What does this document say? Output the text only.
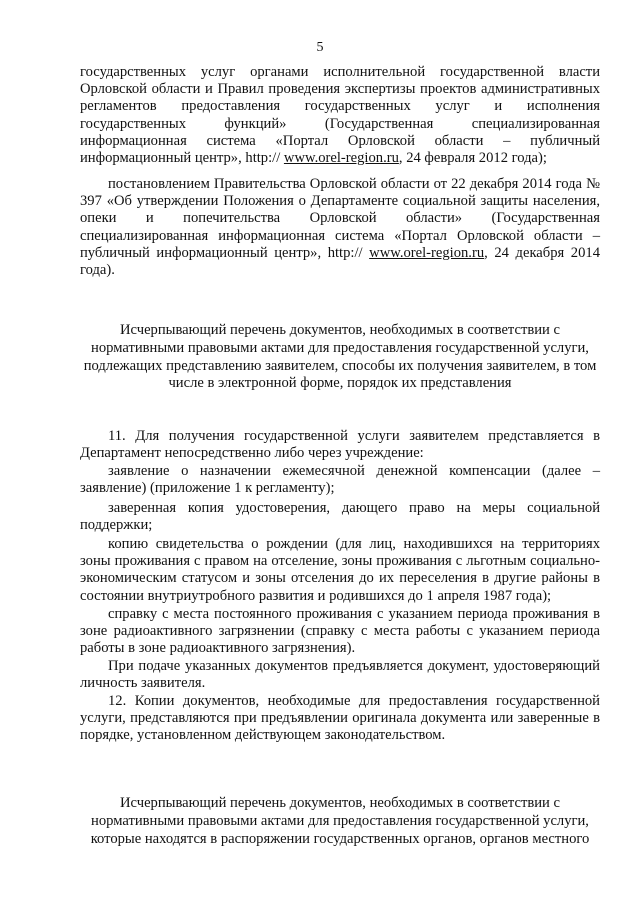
5

государственных услуг органами исполнительной государственной власти Орловской области и Правил проведения экспертизы проектов административных регламентов предоставления государственных услуг и исполнения государственных функций» (Государственная специализированная информационная система «Портал Орловской области – публичный информационный центр», http:// www.orel-region.ru, 24 февраля 2012 года);

постановлением Правительства Орловской области от 22 декабря 2014 года № 397 «Об утверждении Положения о Департаменте социальной защиты населения, опеки и попечительства Орловской области» (Государственная специализированная информационная система «Портал Орловской области – публичный информационный центр», http:// www.orel-region.ru, 24 декабря 2014 года).

Исчерпывающий перечень документов, необходимых в соответствии с нормативными правовыми актами для предоставления государственной услуги, подлежащих представлению заявителем, способы их получения заявителем, в том числе в электронной форме, порядок их представления

11. Для получения государственной услуги заявителем представляется в Департамент непосредственно либо через учреждение:

заявление о назначении ежемесячной денежной компенсации (далее – заявление) (приложение 1 к регламенту);

заверенная копия удостоверения, дающего право на меры социальной поддержки;

копию свидетельства о рождении (для лиц, находившихся на территориях зоны проживания с правом на отселение, зоны проживания с льготным социально-экономическим статусом и зоны отселения до их переселения в другие районы в состоянии внутриутробного развития и родившихся до 1 апреля 1987 года);

справку с места постоянного проживания с указанием периода проживания в зоне радиоактивного загрязнении (справку с места работы с указанием периода работы в зоне радиоактивного загрязнения).

При подаче указанных документов предъявляется документ, удостоверяющий личность заявителя.

12. Копии документов, необходимые для предоставления государственной услуги, представляются при предъявлении оригинала документа или заверенные в порядке, установленном действующем законодательством.

Исчерпывающий перечень документов, необходимых в соответствии с нормативными правовыми актами для предоставления государственной услуги, которые находятся в распоряжении государственных органов, органов местного
